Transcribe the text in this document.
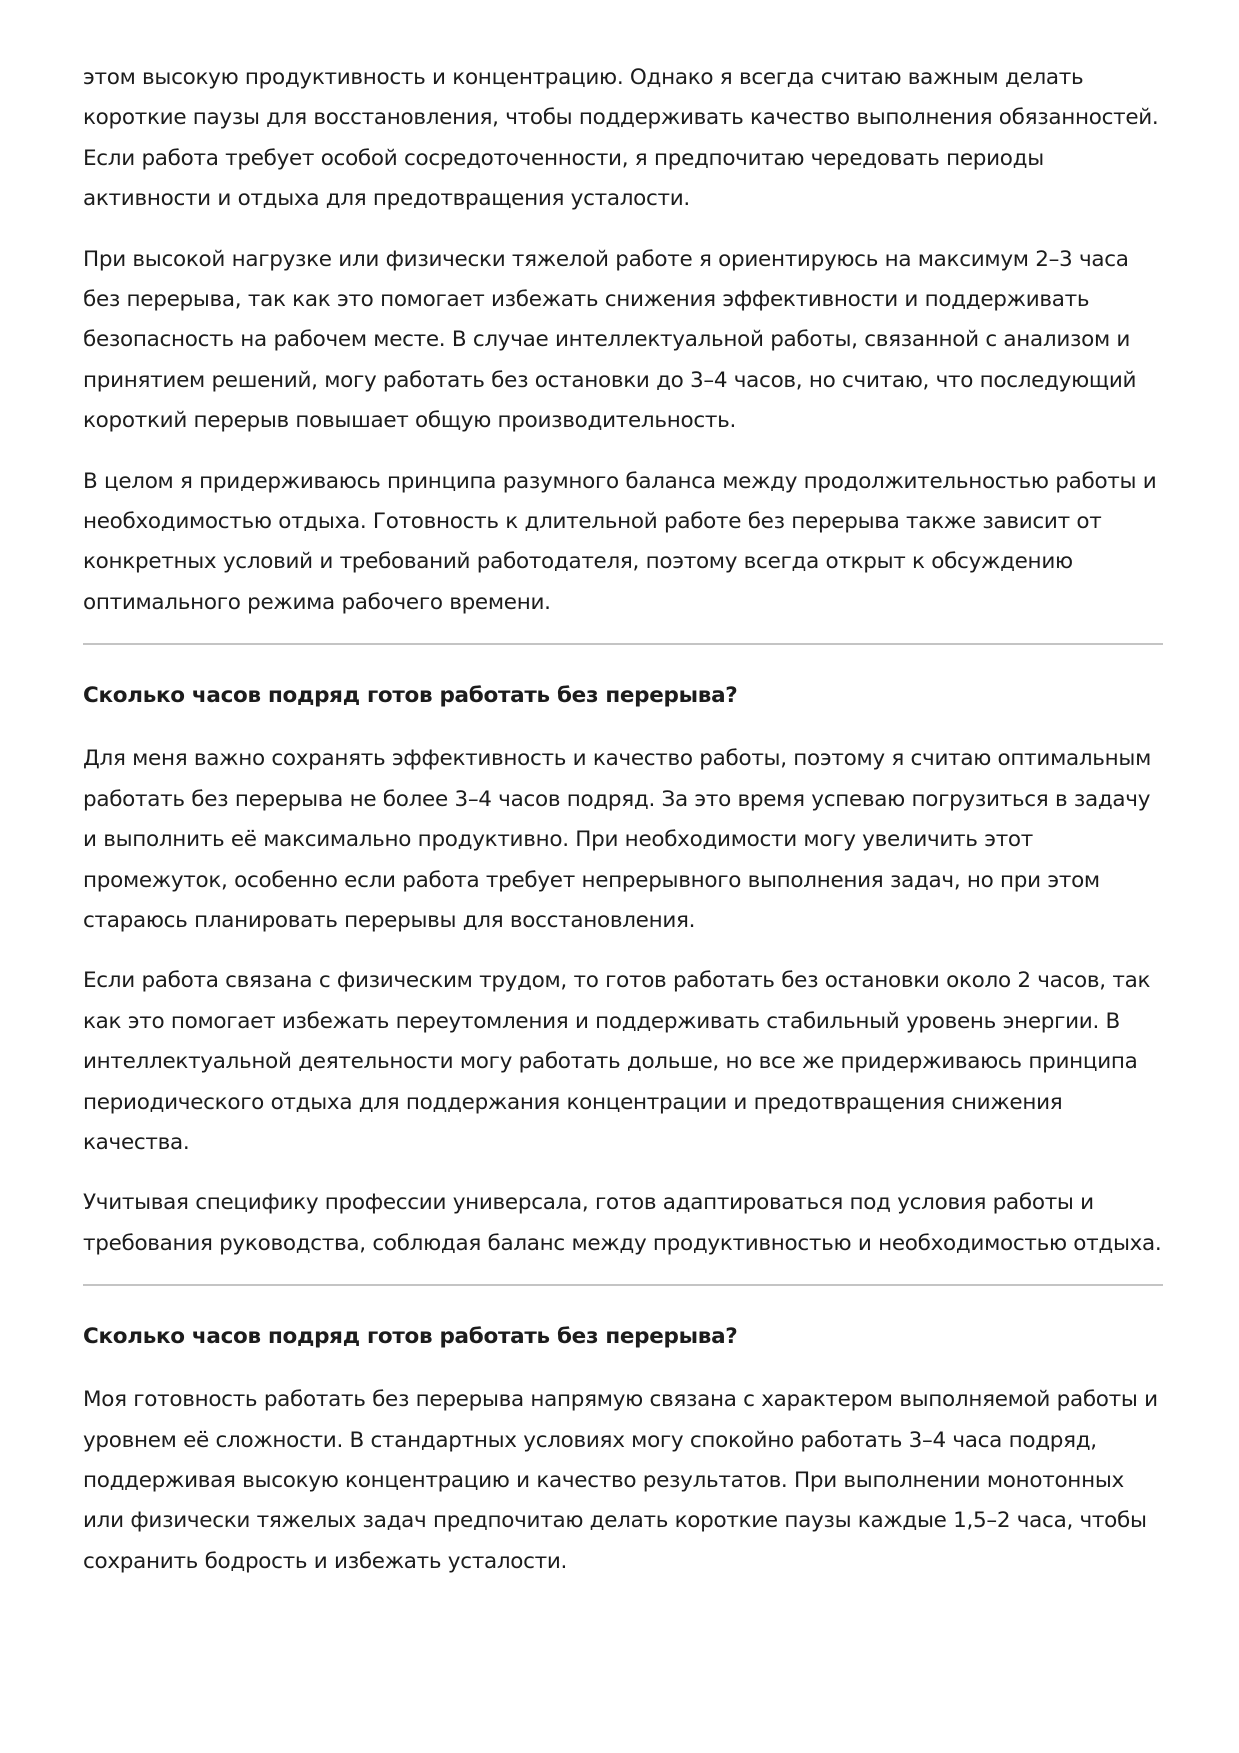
этом высокую продуктивность и концентрацию. Однако я всегда считаю важным делать короткие паузы для восстановления, чтобы поддерживать качество выполнения обязанностей. Если работа требует особой сосредоточенности, я предпочитаю чередовать периоды активности и отдыха для предотвращения усталости.

При высокой нагрузке или физически тяжелой работе я ориентируюсь на максимум 2–3 часа без перерыва, так как это помогает избежать снижения эффективности и поддерживать безопасность на рабочем месте. В случае интеллектуальной работы, связанной с анализом и принятием решений, могу работать без остановки до 3–4 часов, но считаю, что последующий короткий перерыв повышает общую производительность.

В целом я придерживаюсь принципа разумного баланса между продолжительностью работы и необходимостью отдыха. Готовность к длительной работе без перерыва также зависит от конкретных условий и требований работодателя, поэтому всегда открыт к обсуждению оптимального режима рабочего времени.

Сколько часов подряд готов работать без перерыва?

Для меня важно сохранять эффективность и качество работы, поэтому я считаю оптимальным работать без перерыва не более 3–4 часов подряд. За это время успеваю погрузиться в задачу и выполнить её максимально продуктивно. При необходимости могу увеличить этот промежуток, особенно если работа требует непрерывного выполнения задач, но при этом стараюсь планировать перерывы для восстановления.

Если работа связана с физическим трудом, то готов работать без остановки около 2 часов, так как это помогает избежать переутомления и поддерживать стабильный уровень энергии. В интеллектуальной деятельности могу работать дольше, но все же придерживаюсь принципа периодического отдыха для поддержания концентрации и предотвращения снижения качества.

Учитывая специфику профессии универсала, готов адаптироваться под условия работы и требования руководства, соблюдая баланс между продуктивностью и необходимостью отдыха.

Сколько часов подряд готов работать без перерыва?

Моя готовность работать без перерыва напрямую связана с характером выполняемой работы и уровнем её сложности. В стандартных условиях могу спокойно работать 3–4 часа подряд, поддерживая высокую концентрацию и качество результатов. При выполнении монотонных или физически тяжелых задач предпочитаю делать короткие паузы каждые 1,5–2 часа, чтобы сохранить бодрость и избежать усталости.
